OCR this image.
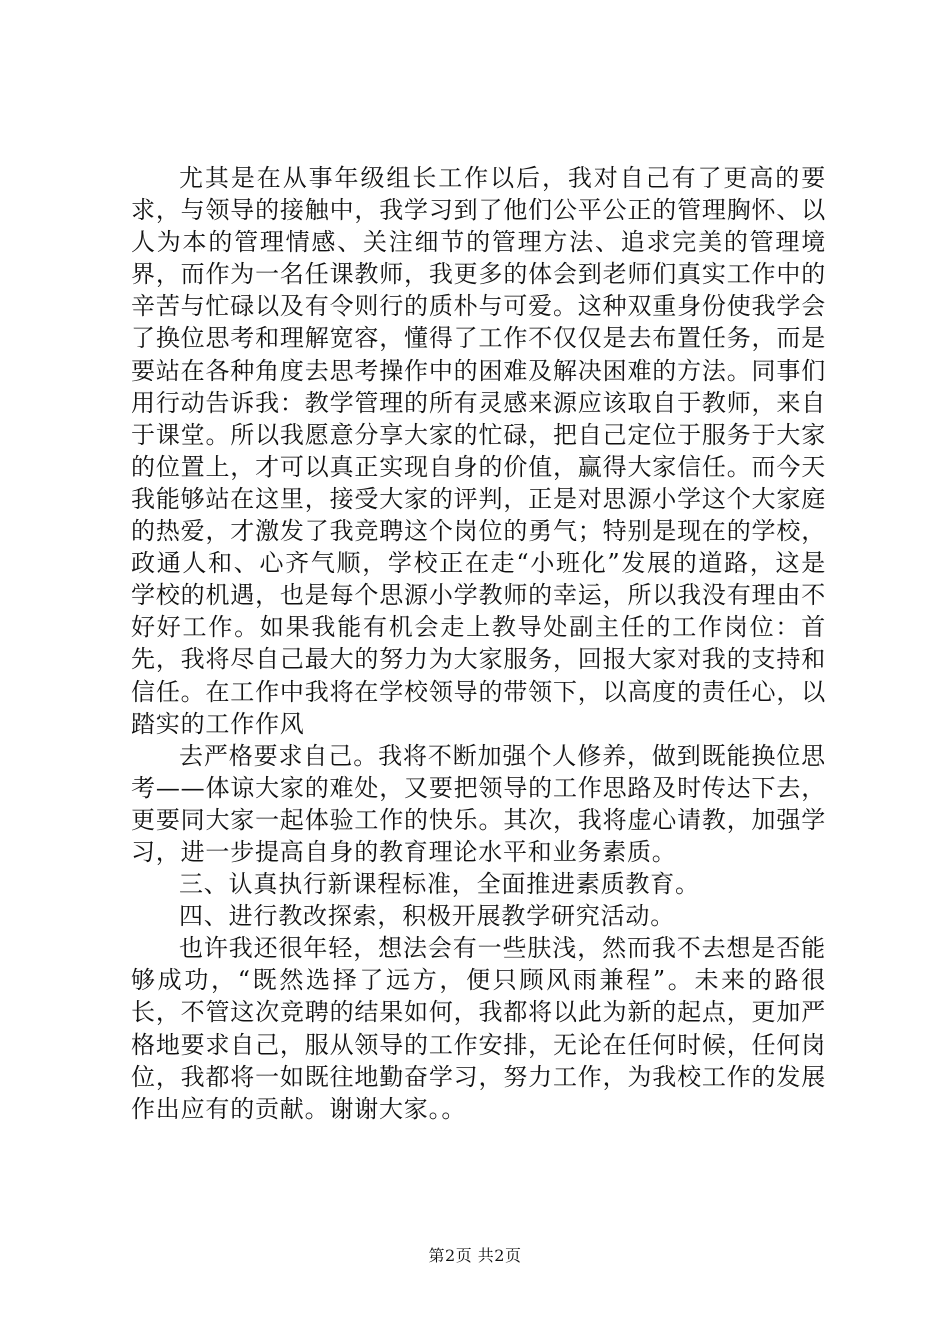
尤其是在从事年级组长工作以后，我对自己有了更高的要求，与领导的接触中，我学习到了他们公平公正的管理胸怀、以人为本的管理情感、关注细节的管理方法、追求完美的管理境界，而作为一名任课教师，我更多的体会到老师们真实工作中的辛苦与忙碌以及有令则行的质朴与可爱。这种双重身份使我学会了换位思考和理解宽容，懂得了工作不仅仅是去布置任务，而是要站在各种角度去思考操作中的困难及解决困难的方法。同事们用行动告诉我：教学管理的所有灵感来源应该取自于教师，来自于课堂。所以我愿意分享大家的忙碌，把自己定位于服务于大家的位置上，才可以真正实现自身的价值，赢得大家信任。而今天我能够站在这里，接受大家的评判，正是对思源小学这个大家庭的热爱，才激发了我竞聘这个岗位的勇气；特别是现在的学校，政通人和、心齐气顺，学校正在走“小班化”发展的道路，这是学校的机遇，也是每个思源小学教师的幸运，所以我没有理由不好好工作。如果我能有机会走上教导处副主任的工作岗位：首先，我将尽自己最大的努力为大家服务，回报大家对我的支持和信任。在工作中我将在学校领导的带领下，以高度的责任心，以踏实的工作作风

去严格要求自己。我将不断加强个人修养，做到既能换位思考——体谅大家的难处，又要把领导的工作思路及时传达下去，更要同大家一起体验工作的快乐。其次，我将虚心请教，加强学习，进一步提高自身的教育理论水平和业务素质。

三、认真执行新课程标准，全面推进素质教育。

四、进行教改探索，积极开展教学研究活动。

也许我还很年轻，想法会有一些肤浅，然而我不去想是否能够成功，“既然选择了远方，便只顾风雨兼程”。未来的路很长，不管这次竞聘的结果如何，我都将以此为新的起点，更加严格地要求自己，服从领导的工作安排，无论在任何时候，任何岗位，我都将一如既往地勤奋学习，努力工作，为我校工作的发展作出应有的贡献。谢谢大家。。

第2页 共2页
